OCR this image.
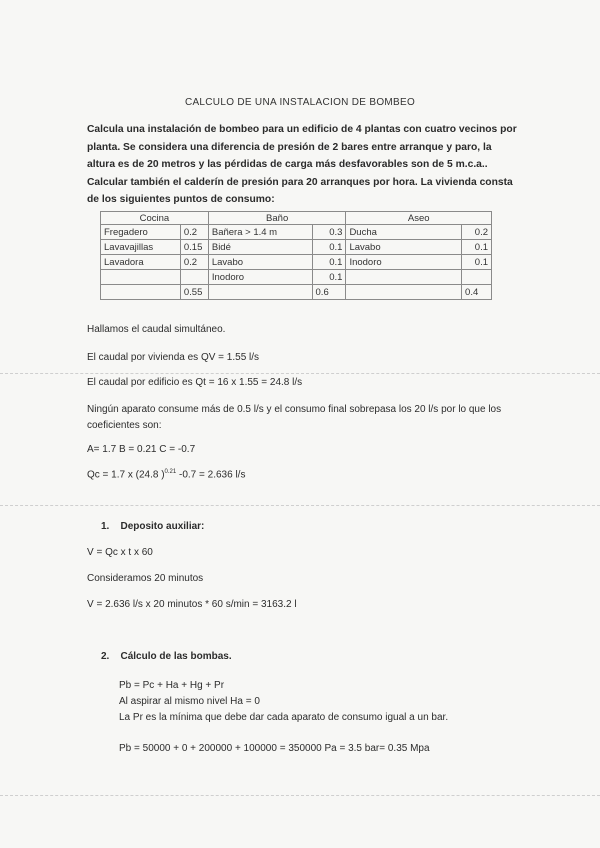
CALCULO DE UNA INSTALACION DE BOMBEO
Calcula una instalación de bombeo para un edificio de 4 plantas con cuatro vecinos por planta. Se considera una diferencia de presión de 2 bares entre arranque y paro, la altura es de 20 metros y las pérdidas de carga más desfavorables son de 5 m.c.a.. Calcular también el calderín de presión para 20 arranques por hora. La vivienda consta de los siguientes puntos de consumo:
Cocina		Baño		Aseo	
Fregadero	0.2	Bañera > 1.4 m	0.3	Ducha	0.2
Lavavajillas	0.15	Bidé	0.1	Lavabo	0.1
Lavadora	0.2	Lavabo	0.1	Inodoro	0.1
		Inodoro	0.1		
	0.55		0.6		0.4
Hallamos el caudal simultáneo.
El caudal por vivienda es QV = 1.55 l/s
El caudal por edificio es Qt = 16 x 1.55 = 24.8 l/s
Ningún aparato consume más de 0.5 l/s y el consumo final sobrepasa los 20 l/s por lo que los coeficientes son:
A= 1.7 B = 0.21 C = -0.7
Qc = 1.7 x (24.8 )$^{0.21}$ -0.7 = 2.636 l/s
1. Deposito auxiliar:
V = Qc x t x 60
Consideramos 20 minutos
V = 2.636 l/s x 20 minutos * 60 s/min = 3163.2 l
2. Cálculo de las bombas.
Pb = Pc + Ha + Hg + Pr
Al aspirar al mismo nivel Ha = 0
La Pr es la mínima que debe dar cada aparato de consumo igual a un bar.
Pb = 50000 + 0 + 200000 + 100000 = 350000 Pa = 3.5 bar= 0.35 Mpa
